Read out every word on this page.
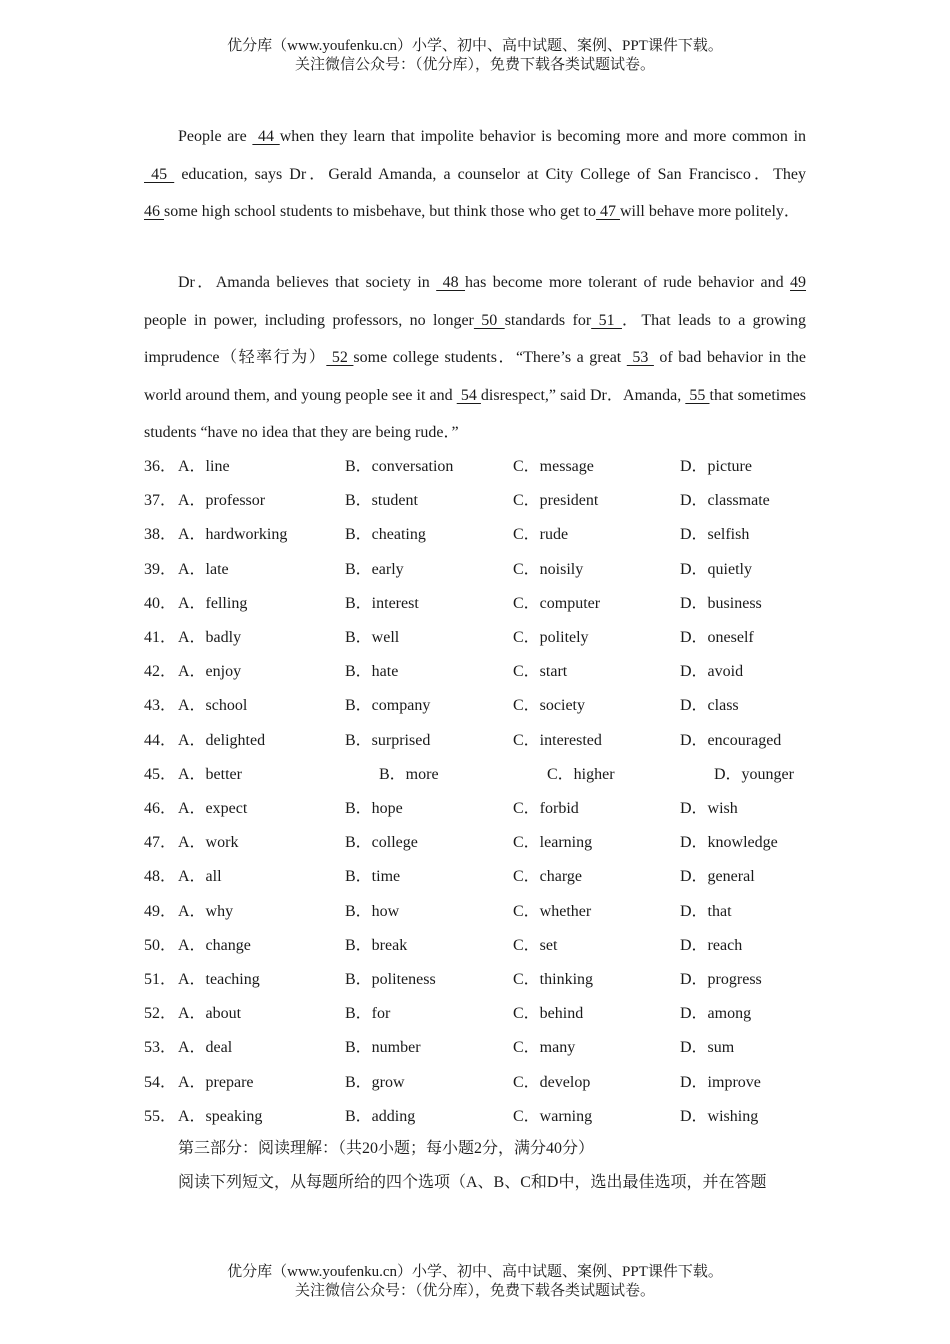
优分库（www.youfenku.cn）小学、初中、高中试题、案例、PPT课件下载。
关注微信公众号：（优分库），免费下载各类试题试卷。
People are  44 when they learn that impolite behavior is becoming more and more common in  45  education, says Dr．Gerald Amanda, a counselor at City College of San Francisco．They 46 some high school students to misbehave, but think those who get to 47 will behave more politely．
Dr．Amanda believes that society in  48 has become more tolerant of rude behavior and 49 people in power, including professors, no longer 50 standards for 51 ．That leads to a growing imprudence（轻率行为） 52 some college students．“There’s a great  53  of bad behavior in the world around them, and young people see it and  54 disrespect,” said Dr．Amanda,  55 that sometimes students “have no idea that they are being rude．”
36． A．line	B．conversation	C．message	D．picture
37． A．professor	B．student	C．president	D．classmate
38． A．hardworking	B．cheating	C．rude	D．selfish
39． A．late	B．early	C．noisily	D．quietly
40． A．felling	B．interest	C．computer	D．business
41． A．badly	B．well	C．politely	D．oneself
42． A．enjoy	B．hate	C．start	D．avoid
43． A．school	B．company	C．society	D．class
44． A．delighted	B．surprised	C．interested	D．encouraged
45． A．better	B．more	C．higher	D．younger
46． A．expect	B．hope	C．forbid	D．wish
47． A．work	B．college	C．learning	D．knowledge
48． A．all	B．time	C．charge	D．general
49． A．why	B．how	C．whether	D．that
50． A．change	B．break	C．set	D．reach
51． A．teaching	B．politeness	C．thinking	D．progress
52． A．about	B．for	C．behind	D．among
53． A．deal	B．number	C．many	D．sum
54． A．prepare	B．grow	C．develop	D．improve
55． A．speaking	B．adding	C．warning	D．wishing
第三部分：阅读理解：（共20小题；每小题2分，满分40分）
阅读下列短文，从每题所给的四个选项（A、B、C和D中，选出最佳选项，并在答题
优分库（www.youfenku.cn）小学、初中、高中试题、案例、PPT课件下载。
关注微信公众号：（优分库），免费下载各类试题试卷。
